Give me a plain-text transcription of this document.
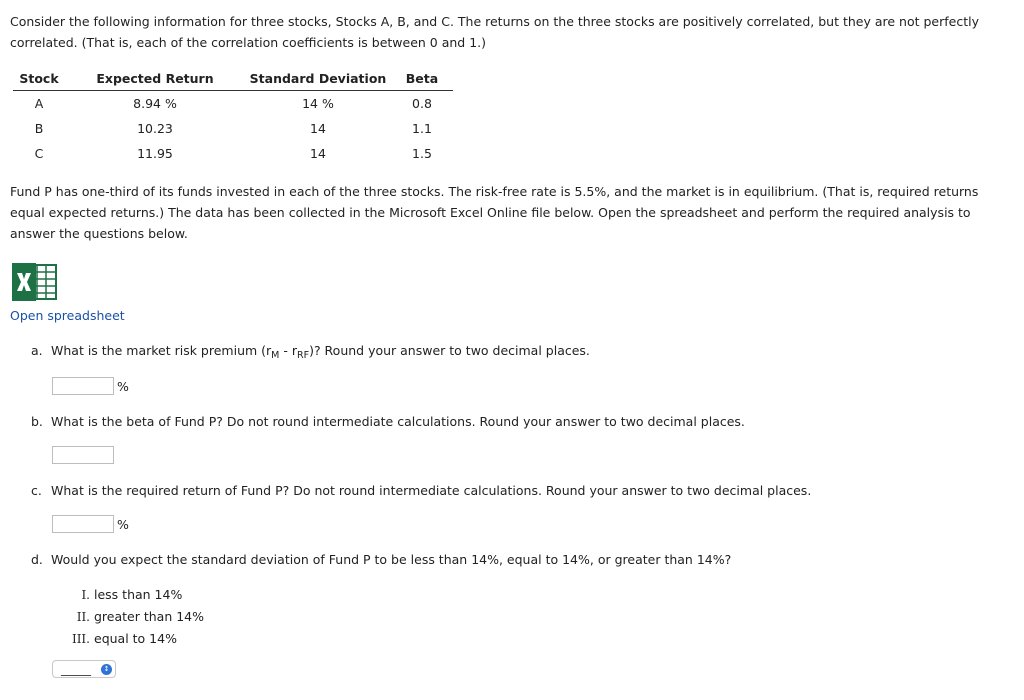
Consider the following information for three stocks, Stocks A, B, and C. The returns on the three stocks are positively correlated, but they are not perfectly correlated. (That is, each of the correlation coefficients is between 0 and 1.)

Stock	Expected Return	Standard Deviation	Beta
A	8.94 %	14 %	0.8
B	10.23	14	1.1
C	11.95	14	1.5

Fund P has one-third of its funds invested in each of the three stocks. The risk-free rate is 5.5%, and the market is in equilibrium. (That is, required returns equal expected returns.) The data has been collected in the Microsoft Excel Online file below. Open the spreadsheet and perform the required analysis to answer the questions below.

Open spreadsheet
a. What is the market risk premium $(r_M - r_{RF})$? Round your answer to two decimal places.
%
b. What is the beta of Fund P? Do not round intermediate calculations. Round your answer to two decimal places.
c. What is the required return of Fund P? Do not round intermediate calculations. Round your answer to two decimal places.
%
d. Would you expect the standard deviation of Fund P to be less than 14%, equal to 14%, or greater than 14%?
I. less than 14%
II. greater than 14%
III. equal to 14%
_____	↕
